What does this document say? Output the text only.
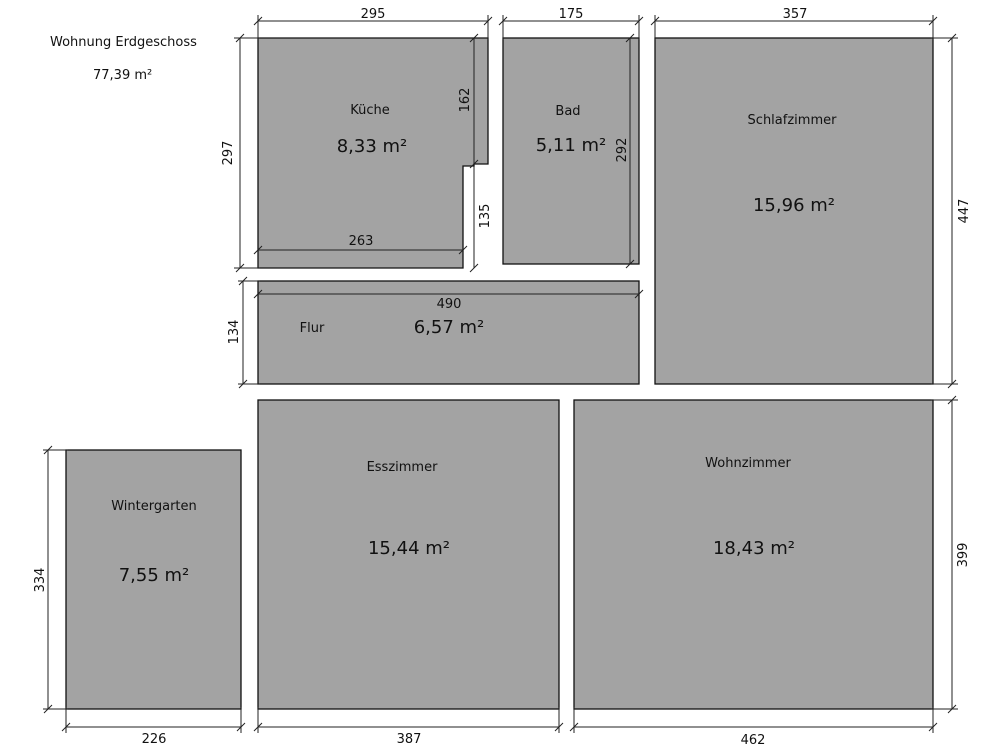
Wohnung Erdgeschoss
77,39 m²
Küche
8,33 m²
Bad
5,11 m²
Schlafzimmer
15,96 m²
Flur	6,57 m²
Wintergarten
7,55 m²
Esszimmer
15,44 m²
Wohnzimmer
18,43 m²
295
297
162
135
263
175
292
357
447
490
134
334
226	387	462
399
